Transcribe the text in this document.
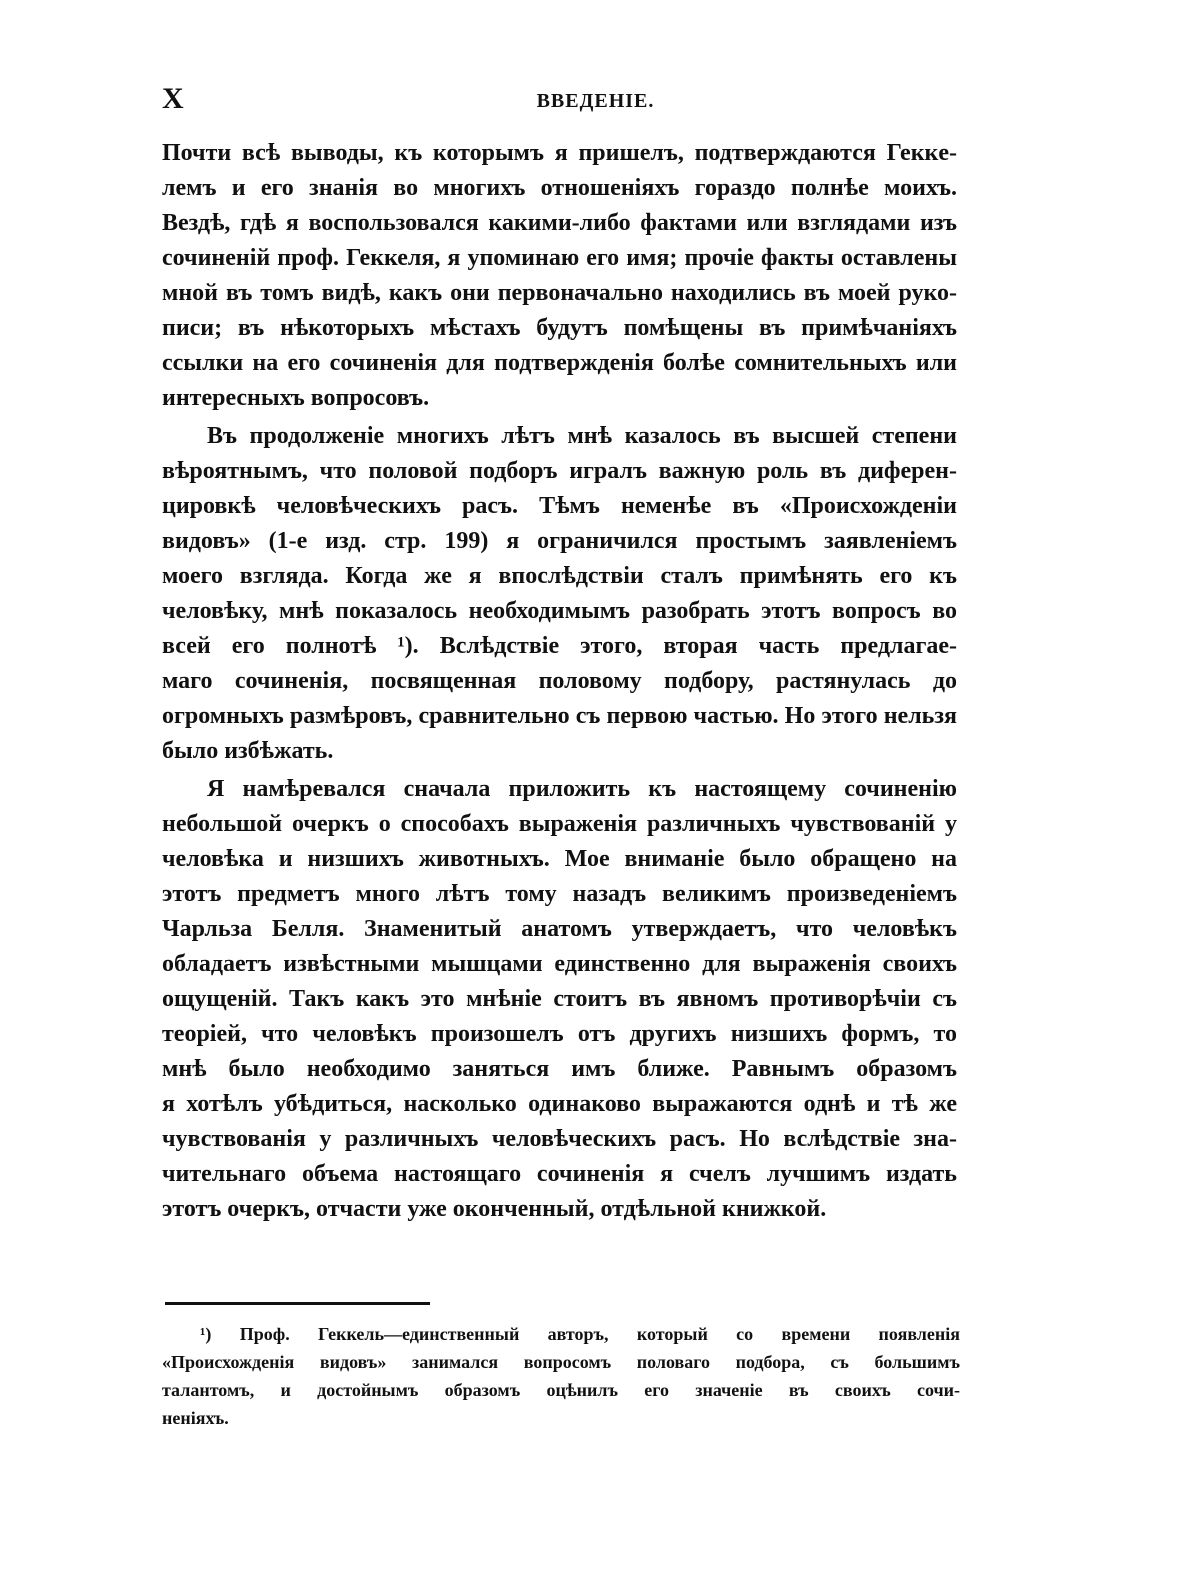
X	ВВЕДЕНІЕ.
Почти всѣ выводы, къ которымъ я пришелъ, подтверждаются Геккe-
лемъ и его знанія во многихъ отношеніяхъ гораздо полнѣе моихъ.
Вездѣ, гдѣ я воспользовался какими-либо фактами или взглядами изъ
сочиненій проф. Геккеля, я упоминаю его имя; прочіе факты оставлены
мной въ томъ видѣ, какъ они первоначально находились въ моей руко-
писи; въ нѣкоторыхъ мѣстахъ будутъ помѣщены въ примѣчаніяхъ
ссылки на его сочиненія для подтвержденія болѣе сомнительныхъ или
интересныхъ вопросовъ.
Въ продолженіе многихъ лѣтъ мнѣ казалось въ высшей степени
вѣроятнымъ, что половой подборъ игралъ важную роль въ диферен-
цировкѣ человѣческихъ расъ. Тѣмъ неменѣе въ «Происхожденіи
видовъ» (1-е изд. стр. 199) я ограничился простымъ заявленіемъ
моего взгляда. Когда же я впослѣдствіи сталъ примѣнять его къ
человѣку, мнѣ показалось необходимымъ разобрать этотъ вопросъ во
всей его полнотѣ ¹). Вслѣдствіе этого, вторая часть предлагае-
маго сочиненія, посвященная половому подбору, растянулась до
огромныхъ размѣровъ, сравнительно съ первою частью. Но этого нельзя
было избѣжать.
Я намѣревался сначала приложить къ настоящему сочиненію
небольшой очеркъ о способахъ выраженія различныхъ чувствованій у
человѣка и низшихъ животныхъ. Мое вниманіе было обращено на
этотъ предметъ много лѣтъ тому назадъ великимъ произведеніемъ
Чарльза Белля. Знаменитый анатомъ утверждаетъ, что человѣкъ
обладаетъ извѣстными мышцами единственно для выраженія своихъ
ощущеній. Такъ какъ это мнѣніе стоитъ въ явномъ противорѣчіи съ
теоріей, что человѣкъ произошелъ отъ другихъ низшихъ формъ, то
мнѣ было необходимо заняться имъ ближе. Равнымъ образомъ
я хотѣлъ убѣдиться, насколько одинаково выражаются однѣ и тѣ же
чувствованія у различныхъ человѣческихъ расъ. Но вслѣдствіе зна-
чительнаго объема настоящаго сочиненія я счелъ лучшимъ издать
этотъ очеркъ, отчасти уже оконченный, отдѣльной книжкой.
¹) Проф. Геккель—единственный авторъ, который со времени появленія
«Происхожденія видовъ» занимался вопросомъ половаго подбора, съ большимъ
талантомъ, и достойнымъ образомъ оцѣнилъ его значеніе въ своихъ сочи-
неніяхъ.
